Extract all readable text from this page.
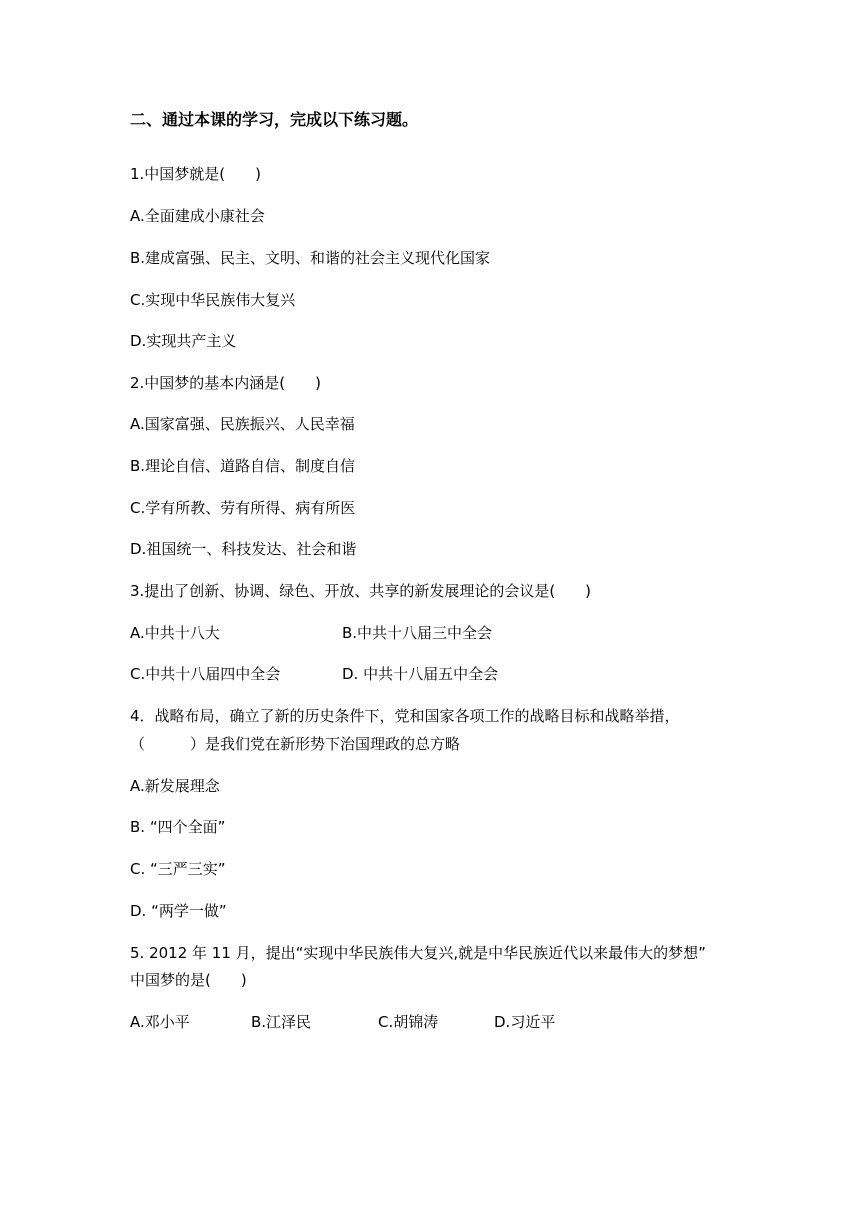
二、通过本课的学习，完成以下练习题。
1.中国梦就是(　　)
A.全面建成小康社会
B.建成富强、民主、文明、和谐的社会主义现代化国家
C.实现中华民族伟大复兴
D.实现共产主义
2.中国梦的基本内涵是(　　)
A.国家富强、民族振兴、人民幸福
B.理论自信、道路自信、制度自信
C.学有所教、劳有所得、病有所医
D.祖国统一、科技发达、社会和谐
3.提出了创新、协调、绿色、开放、共享的新发展理论的会议是(　　)
A.中共十八大	B.中共十八届三中全会
C.中共十八届四中全会	D. 中共十八届五中全会
4．战略布局，确立了新的历史条件下，党和国家各项工作的战略目标和战略举措，
（　　　）是我们党在新形势下治国理政的总方略
A.新发展理念
B. “四个全面”
C. “三严三实”
D. “两学一做”
5. 2012 年 11 月，提出“实现中华民族伟大复兴,就是中华民族近代以来最伟大的梦想”
中国梦的是(　　)
A.邓小平	B.江泽民	C.胡锦涛	D.习近平
